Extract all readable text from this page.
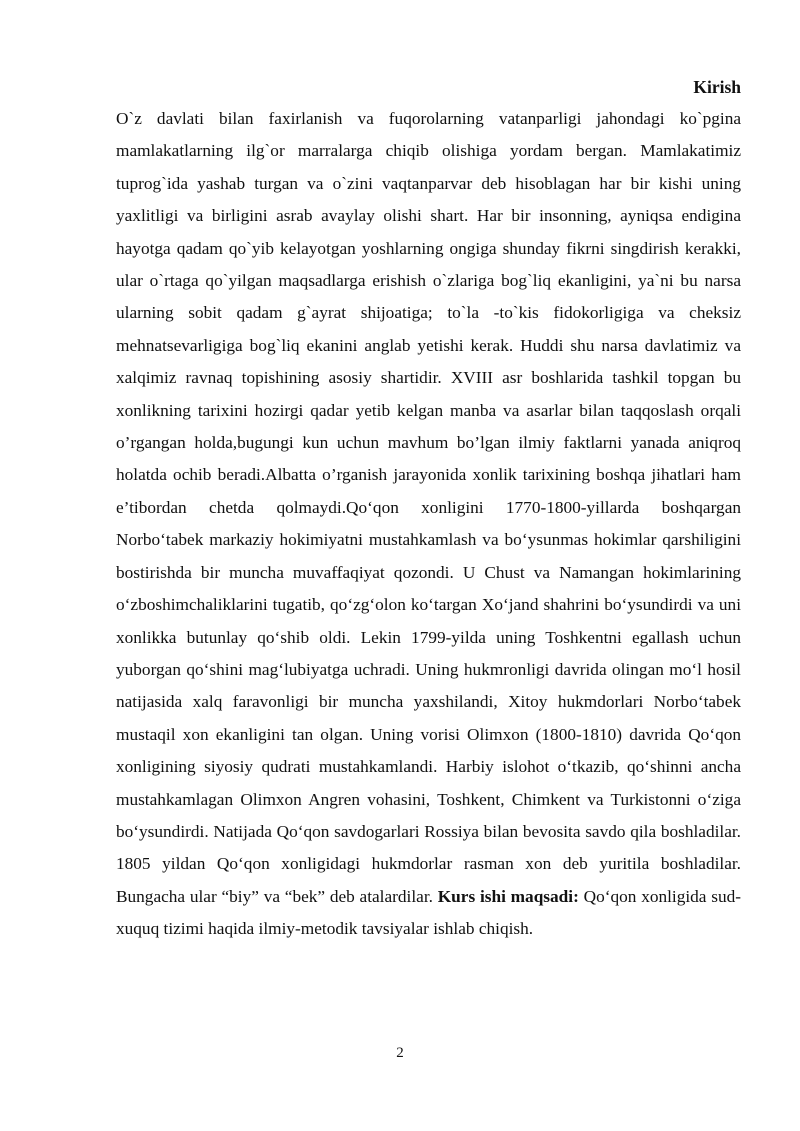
Kirish

O`z davlati bilan faxirlanish va fuqorolarning vatanparligi jahondagi ko`pgina mamlakatlarning ilg`or marralarga chiqib olishiga yordam bergan. Mamlakatimiz tuprog`ida yashab turgan va o`zini vaqtanparvar deb hisoblagan har bir kishi uning yaxlitligi va birligini asrab avaylay olishi shart. Har bir insonning, ayniqsa endigina hayotga qadam qo`yib kelayotgan yoshlarning ongiga shunday fikrni singdirish kerakki, ular o`rtaga qo`yilgan maqsadlarga erishish o`zlariga bog`liq ekanligini, ya`ni bu narsa ularning sobit qadam g`ayrat shijoatiga; to`la -to`kis fidokorligiga va cheksiz mehnatsevarligiga bog`liq ekanini anglab yetishi kerak. Huddi shu narsa davlatimiz va xalqimiz ravnaq topishining asosiy shartidir. XVIII asr boshlarida tashkil topgan bu xonlikning tarixini hozirgi qadar yetib kelgan manba va asarlar bilan taqqoslash orqali o’rgangan holda,bugungi kun uchun mavhum bo’lgan ilmiy faktlarni yanada aniqroq holatda ochib beradi.Albatta o’rganish jarayonida xonlik tarixining boshqa jihatlari ham e’tibordan chetda qolmaydi.Qo‘qon xonligini 1770-1800-yillarda boshqargan Norbo‘tabek markaziy hokimiyatni mustahkamlash va bo‘ysunmas hokimlar qarshiligini bostirishda bir muncha muvaffaqiyat qozondi. U Chust va Namangan hokimlarining o‘zboshimchaliklarini tugatib, qo‘zg‘olon ko‘targan Xo‘jand shahrini bo‘ysundirdi va uni xonlikka butunlay qo‘shib oldi. Lekin 1799-yilda uning Toshkentni egallash uchun yuborgan qo‘shini mag‘lubiyatga uchradi. Uning hukmronligi davrida olingan mo‘l hosil natijasida xalq faravonligi bir muncha yaxshilandi, Xitoy hukmdorlari Norbo‘tabek mustaqil xon ekanligini tan olgan. Uning vorisi Olimxon (1800-1810) davrida Qo‘qon xonligining siyosiy qudrati mustahkamlandi. Harbiy islohot o‘tkazib, qo‘shinni ancha mustahkamlagan Olimxon Angren vohasini, Toshkent, Chimkent va Turkistonni o‘ziga bo‘ysundirdi. Natijada Qo‘qon savdogarlari Rossiya bilan bevosita savdo qila boshladilar. 1805 yildan Qo‘qon xonligidagi hukmdorlar rasman xon deb yuritila boshladilar. Bungacha ular “biy” va “bek” deb atalardilar. Kurs ishi maqsadi: Qo‘qon xonligida sud-xuquq tizimi haqida ilmiy-metodik tavsiyalar ishlab chiqish.

2
